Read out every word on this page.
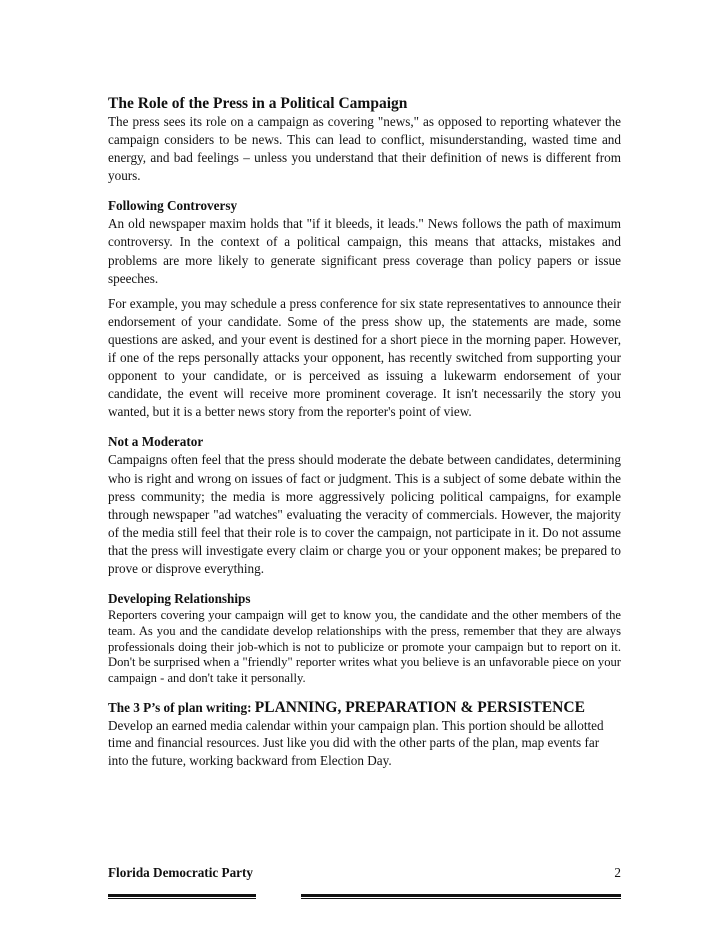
The Role of the Press in a Political Campaign

The press sees its role on a campaign as covering "news," as opposed to reporting whatever the campaign considers to be news. This can lead to conflict, misunderstanding, wasted time and energy, and bad feelings – unless you understand that their definition of news is different from yours.

Following Controversy

An old newspaper maxim holds that "if it bleeds, it leads." News follows the path of maximum controversy. In the context of a political campaign, this means that attacks, mistakes and problems are more likely to generate significant press coverage than policy papers or issue speeches.

For example, you may schedule a press conference for six state representatives to announce their endorsement of your candidate. Some of the press show up, the statements are made, some questions are asked, and your event is destined for a short piece in the morning paper. However, if one of the reps personally attacks your opponent, has recently switched from supporting your opponent to your candidate, or is perceived as issuing a lukewarm endorsement of your candidate, the event will receive more prominent coverage. It isn't necessarily the story you wanted, but it is a better news story from the reporter's point of view.

Not a Moderator

Campaigns often feel that the press should moderate the debate between candidates, determining who is right and wrong on issues of fact or judgment. This is a subject of some debate within the press community; the media is more aggressively policing political campaigns, for example through newspaper "ad watches" evaluating the veracity of commercials. However, the majority of the media still feel that their role is to cover the campaign, not participate in it. Do not assume that the press will investigate every claim or charge you or your opponent makes; be prepared to prove or disprove everything.

Developing Relationships

Reporters covering your campaign will get to know you, the candidate and the other members of the team. As you and the candidate develop relationships with the press, remember that they are always professionals doing their job-which is not to publicize or promote your campaign but to report on it. Don't be surprised when a "friendly" reporter writes what you believe is an unfavorable piece on your campaign - and don't take it personally.

The 3 P’s of plan writing: PLANNING, PREPARATION & PERSISTENCE

Develop an earned media calendar within your campaign plan. This portion should be allotted time and financial resources. Just like you did with the other parts of the plan, map events far into the future, working backward from Election Day.

Florida Democratic Party	2
